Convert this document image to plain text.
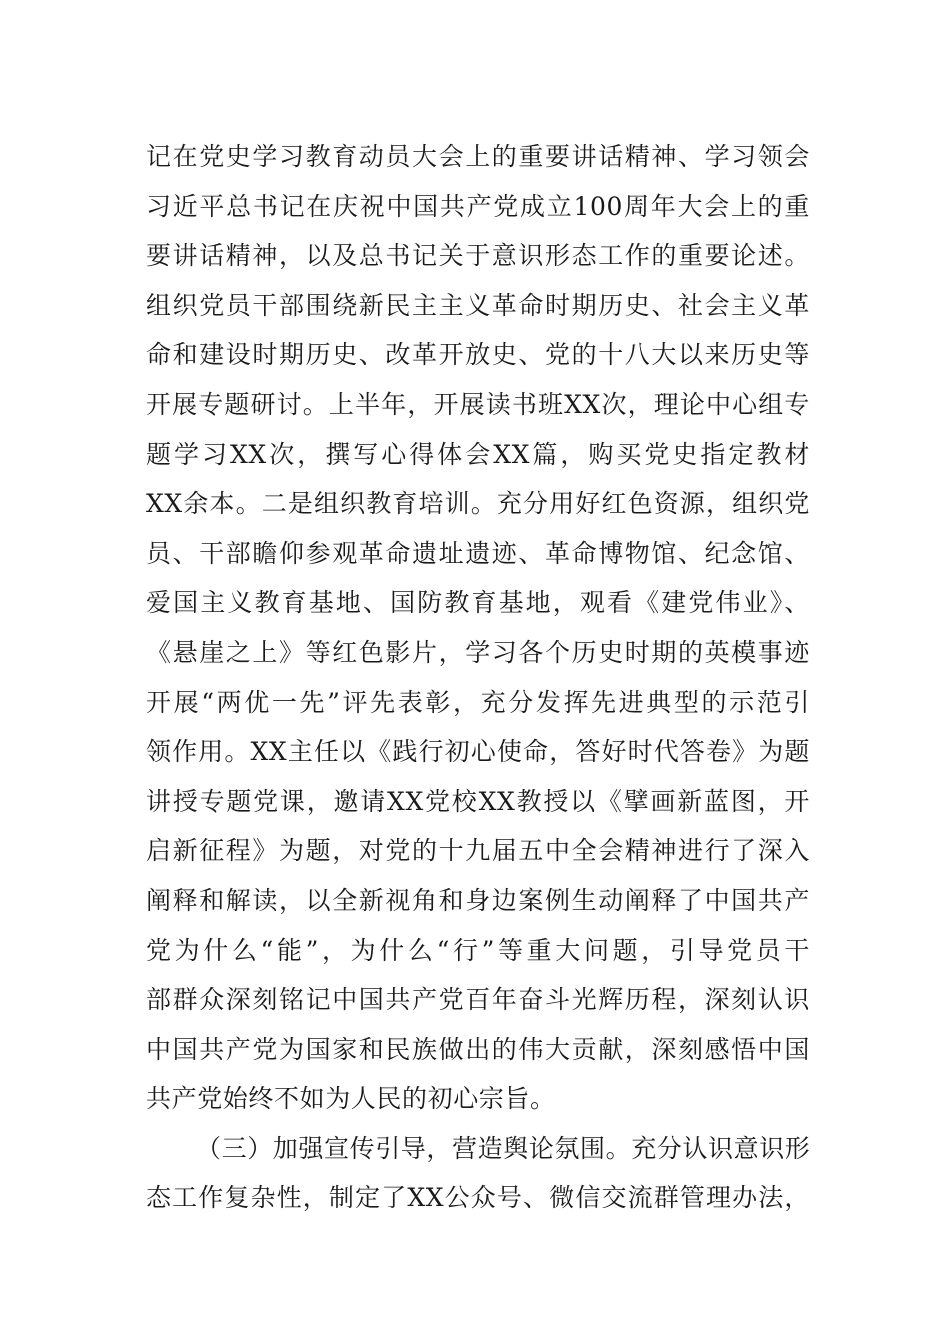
记在党史学习教育动员大会上的重要讲话精神、学习领会
习近平总书记在庆祝中国共产党成立100周年大会上的重
要讲话精神，以及总书记关于意识形态工作的重要论述。
组织党员干部围绕新民主主义革命时期历史、社会主义革
命和建设时期历史、改革开放史、党的十八大以来历史等
开展专题研讨。上半年，开展读书班XX次，理论中心组专
题学习XX次，撰写心得体会XX篇，购买党史指定教材
XX余本。二是组织教育培训。充分用好红色资源，组织党
员、干部瞻仰参观革命遗址遗迹、革命博物馆、纪念馆、
爱国主义教育基地、国防教育基地，观看《建党伟业》、
《悬崖之上》等红色影片，学习各个历史时期的英模事迹
开展“两优一先”评先表彰，充分发挥先进典型的示范引
领作用。XX主任以《践行初心使命，答好时代答卷》为题
讲授专题党课，邀请XX党校XX教授以《擘画新蓝图，开
启新征程》为题，对党的十九届五中全会精神进行了深入
阐释和解读，以全新视角和身边案例生动阐释了中国共产
党为什么“能”，为什么“行”等重大问题，引导党员干
部群众深刻铭记中国共产党百年奋斗光辉历程，深刻认识
中国共产党为国家和民族做出的伟大贡献，深刻感悟中国
共产党始终不如为人民的初心宗旨。
（三）加强宣传引导，营造舆论氛围。充分认识意识形
态工作复杂性，制定了XX公众号、微信交流群管理办法，
